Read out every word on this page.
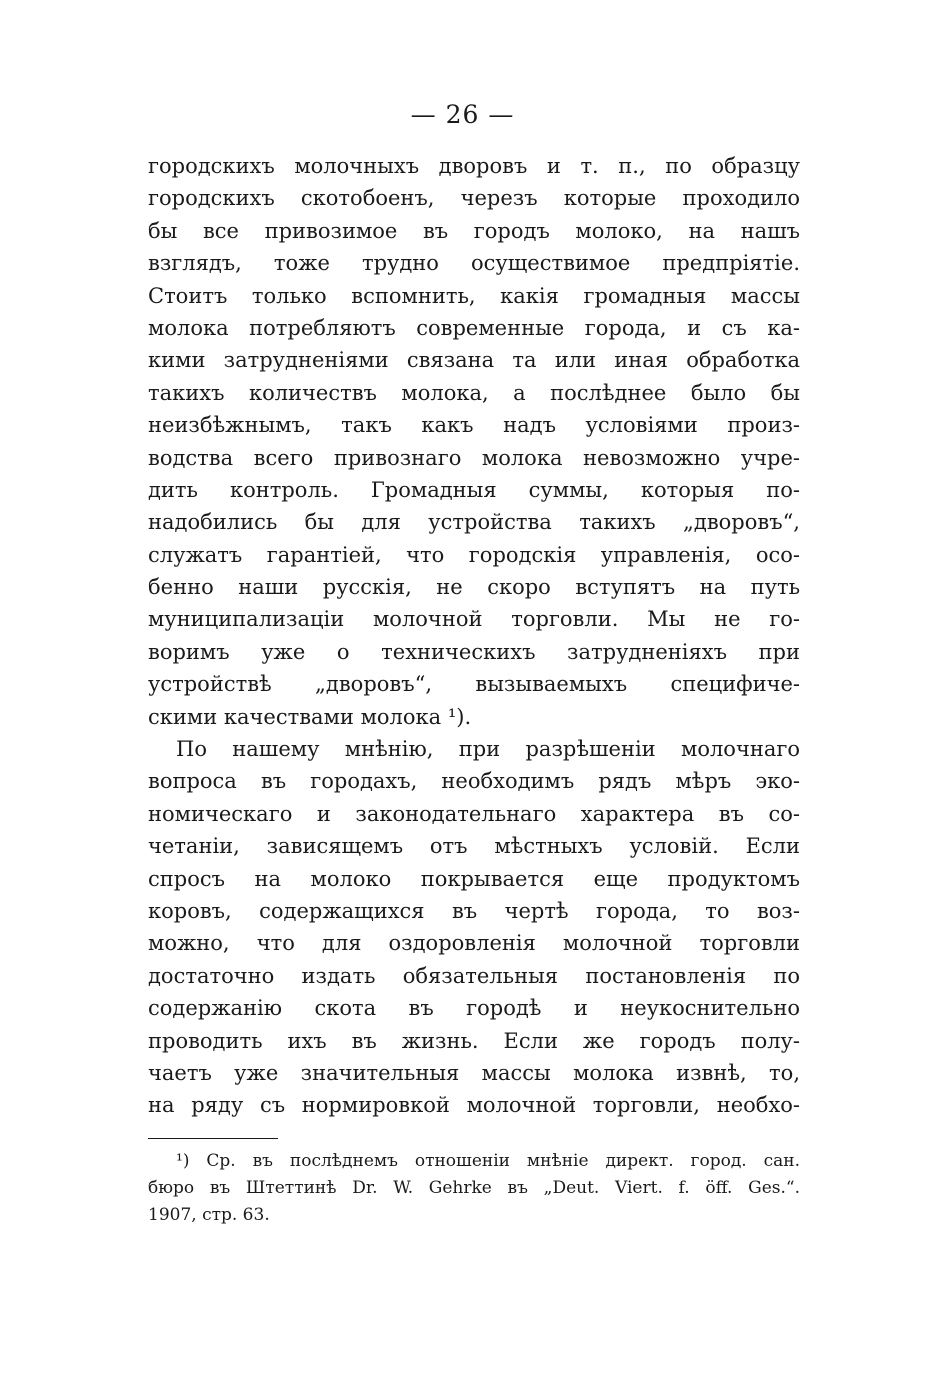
— 26 —
городскихъ молочныхъ дворовъ и т. п., по образцу
городскихъ скотобоенъ, черезъ которые проходило
бы все привозимое въ городъ молоко, на нашъ
взглядъ, тоже трудно осуществимое предпріятіе.
Стоитъ только вспомнить, какія громадныя массы
молока потребляютъ современные города, и съ ка-
кими затрудненіями связана та или иная обработка
такихъ количествъ молока, а послѣднее было бы
неизбѣжнымъ, такъ какъ надъ условіями произ-
водства всего привознаго молока невозможно учре-
дить контроль. Громадныя суммы, которыя по-
надобились бы для устройства такихъ „дворовъ“,
служатъ гарантіей, что городскія управленія, осо-
бенно наши русскія, не скоро вступятъ на путь
муниципализаціи молочной торговли. Мы не го-
воримъ уже о техническихъ затрудненіяхъ при
устройствѣ „дворовъ“, вызываемыхъ специфиче-
скими качествами молока ¹).
По нашему мнѣнію, при разрѣшеніи молочнаго
вопроса въ городахъ, необходимъ рядъ мѣръ эко-
номическаго и законодательнаго характера въ со-
четаніи, зависящемъ отъ мѣстныхъ условій. Если
спросъ на молоко покрывается еще продуктомъ
коровъ, содержащихся въ чертѣ города, то воз-
можно, что для оздоровленія молочной торговли
достаточно издать обязательныя постановленія по
содержанію скота въ городѣ и неукоснительно
проводить ихъ въ жизнь. Если же городъ полу-
чаетъ уже значительныя массы молока извнѣ, то,
на ряду съ нормировкой молочной торговли, необхо-
¹) Ср. въ послѣднемъ отношеніи мнѣніе директ. город. сан.
бюро въ Штеттинѣ Dr. W. Gehrke въ „Deut. Viert. f. öff. Ges.“.
1907, стр. 63.
